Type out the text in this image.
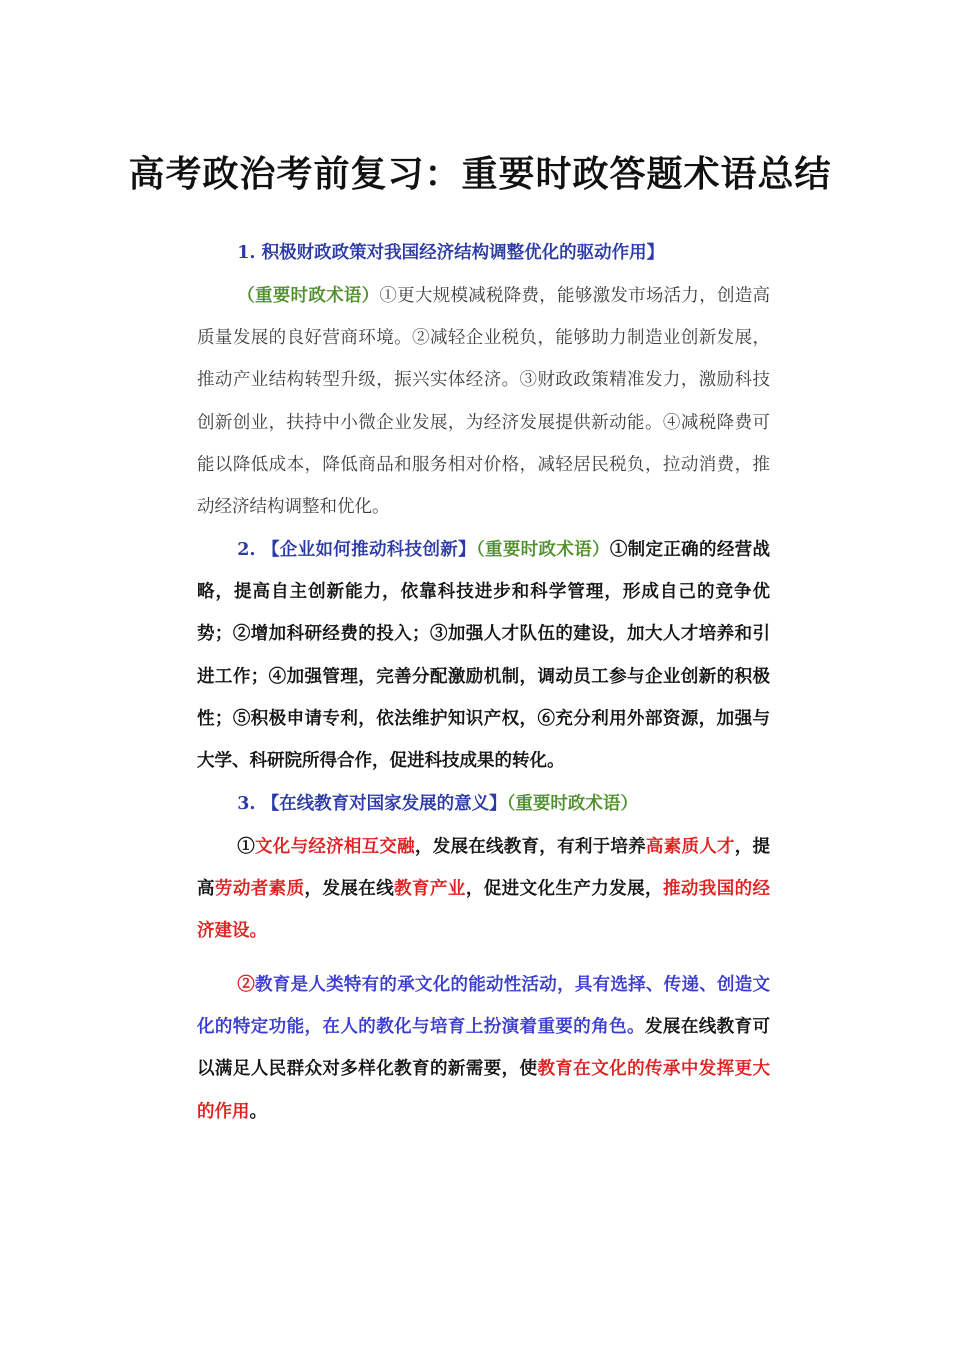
高考政治考前复习：重要时政答题术语总结

1. 积极财政政策对我国经济结构调整优化的驱动作用】

（重要时政术语）①更大规模减税降费，能够激发市场活力，创造高质量发展的良好营商环境。②减轻企业税负，能够助力制造业创新发展，推动产业结构转型升级，振兴实体经济。③财政政策精准发力，激励科技创新创业，扶持中小微企业发展，为经济发展提供新动能。④减税降费可能以降低成本，降低商品和服务相对价格，减轻居民税负，拉动消费，推动经济结构调整和优化。

2. 【企业如何推动科技创新】（重要时政术语）①制定正确的经营战略，提高自主创新能力，依靠科技进步和科学管理，形成自己的竞争优势；②增加科研经费的投入；③加强人才队伍的建设，加大人才培养和引进工作；④加强管理，完善分配激励机制，调动员工参与企业创新的积极性；⑤积极申请专利，依法维护知识产权，⑥充分利用外部资源，加强与大学、科研院所得合作，促进科技成果的转化。

3. 【在线教育对国家发展的意义】（重要时政术语）

①文化与经济相互交融，发展在线教育，有利于培养高素质人才，提高劳动者素质，发展在线教育产业，促进文化生产力发展，推动我国的经济建设。

②教育是人类特有的承文化的能动性活动，具有选择、传递、创造文化的特定功能，在人的教化与培育上扮演着重要的角色。发展在线教育可以满足人民群众对多样化教育的新需要，使教育在文化的传承中发挥更大的作用。
